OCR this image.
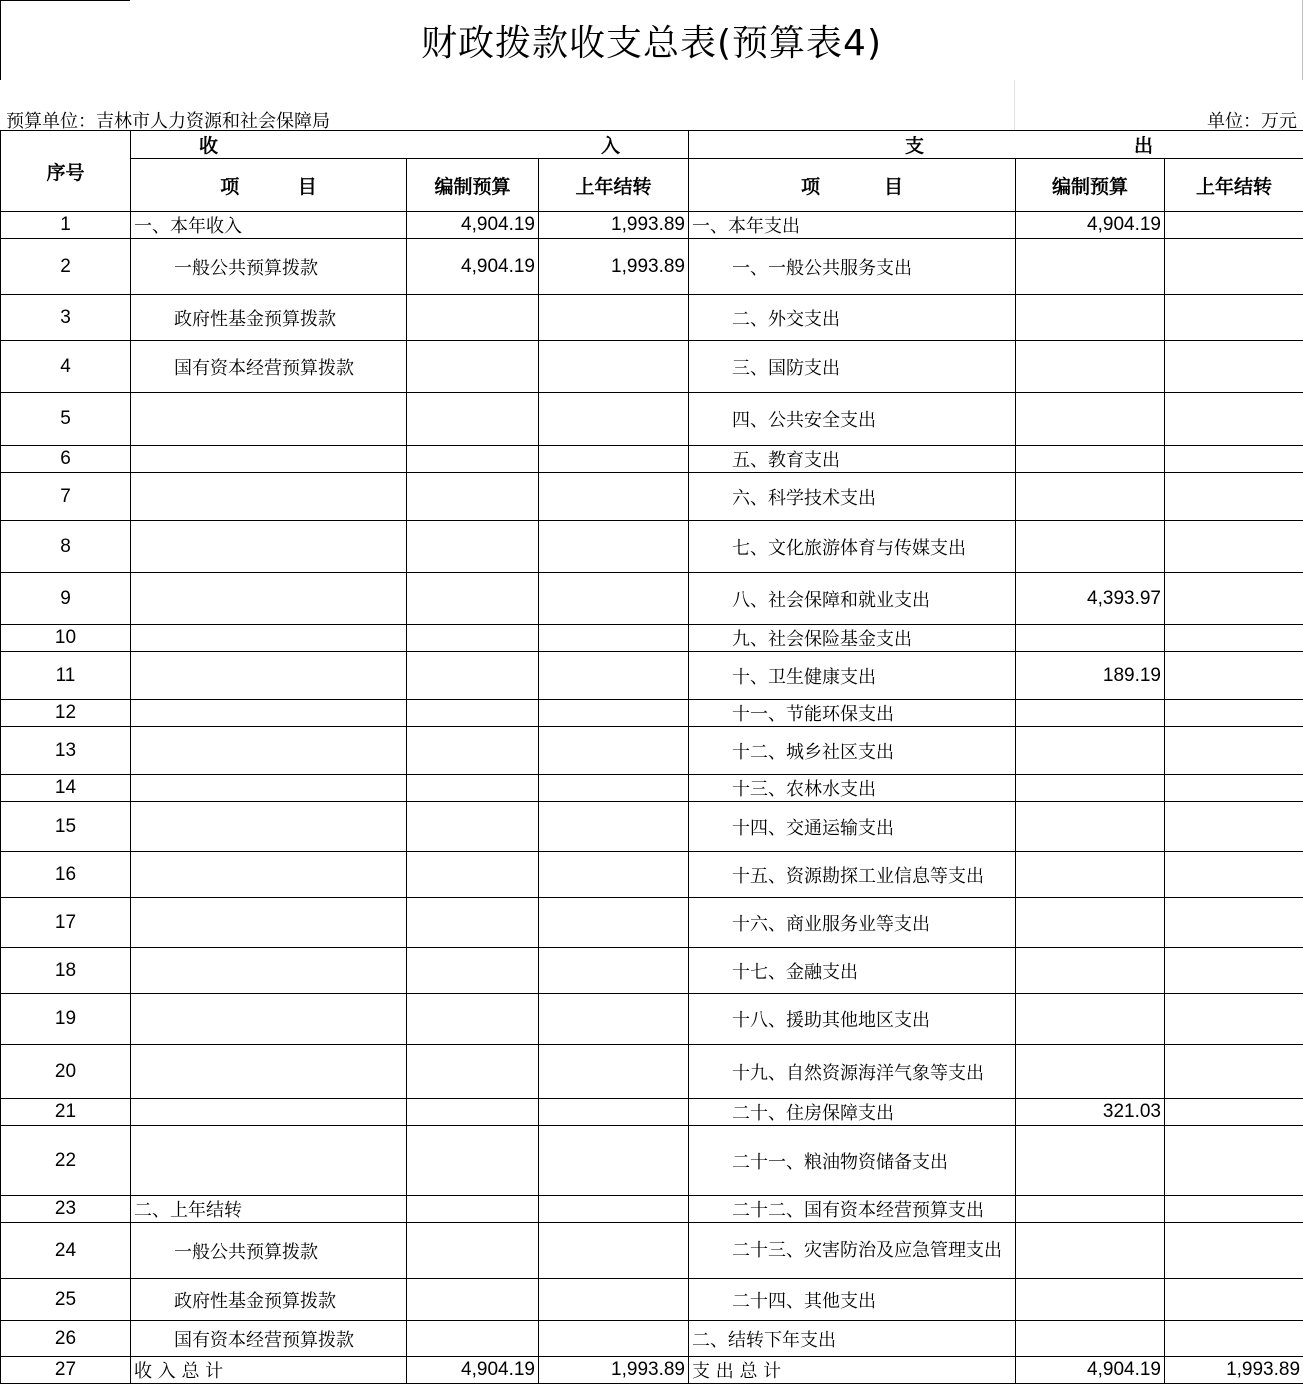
财政拨款收支总表(预算表4)
预算单位：吉林市人力资源和社会保障局	单位：万元
序号	收 入			支 出		

	项 目	编制预算	上年结转	项 目	编制预算	上年结转
1	一、本年收入	4,904.19	1,993.89	一、本年支出	4,904.19	
2	一般公共预算拨款	4,904.19	1,993.89	一、一般公共服务支出		
3	政府性基金预算拨款			二、外交支出		
4	国有资本经营预算拨款			三、国防支出		
5				四、公共安全支出		
6				五、教育支出		
7				六、科学技术支出		
8				七、文化旅游体育与传媒支出		
9				八、社会保障和就业支出	4,393.97	
10				九、社会保险基金支出		
11				十、卫生健康支出	189.19	
12				十一、节能环保支出		
13				十二、城乡社区支出		
14				十三、农林水支出		
15				十四、交通运输支出		
16				十五、资源勘探工业信息等支出		
17				十六、商业服务业等支出		
18				十七、金融支出		
19				十八、援助其他地区支出		
20				十九、自然资源海洋气象等支出		
21				二十、住房保障支出	321.03	
22				二十一、粮油物资储备支出		
23	二、上年结转			二十二、国有资本经营预算支出		
24	一般公共预算拨款			二十三、灾害防治及应急管理支出		
25	政府性基金预算拨款			二十四、其他支出		
26	国有资本经营预算拨款			二、结转下年支出		
27	收 入 总 计	4,904.19	1,993.89	支 出 总 计	4,904.19	1,993.89
